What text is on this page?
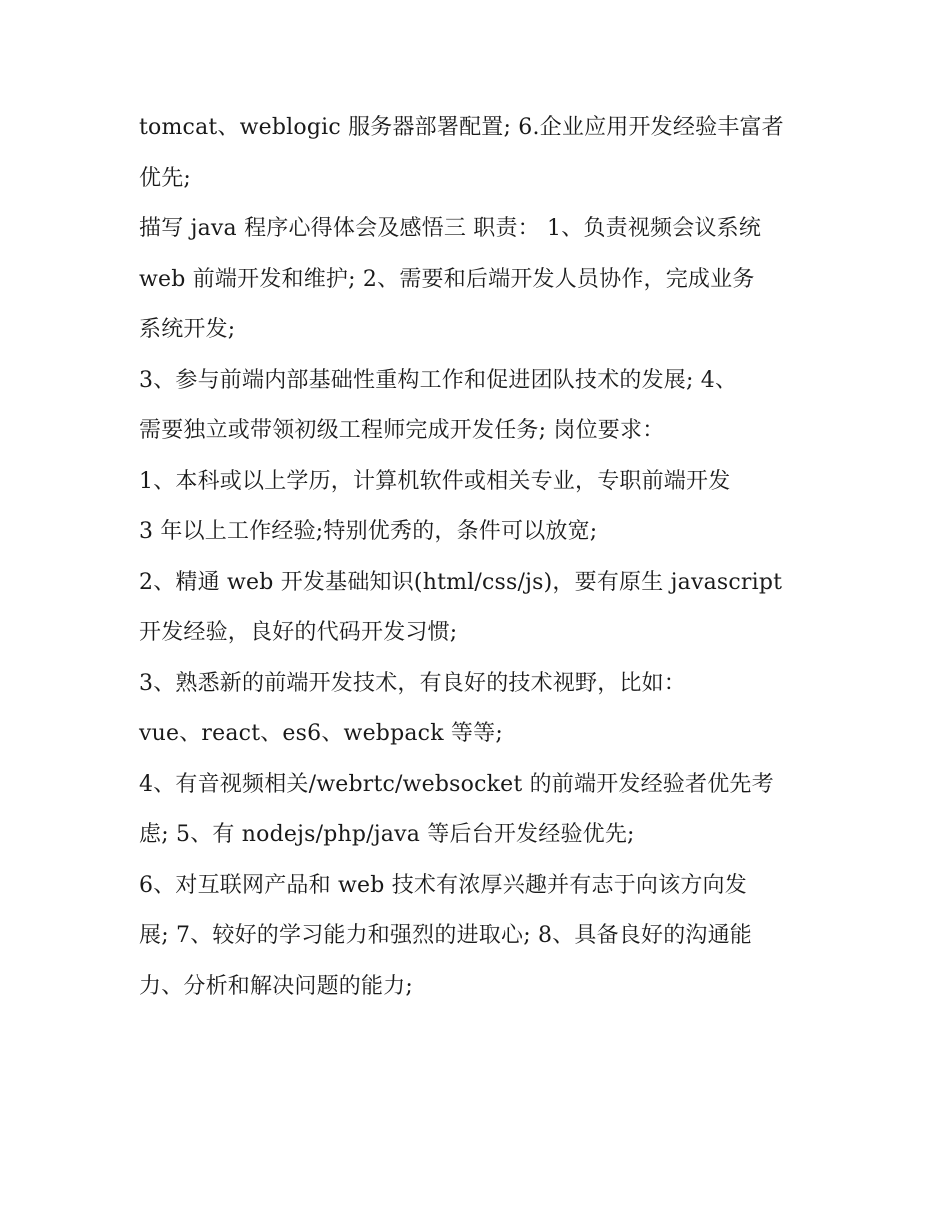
tomcat、weblogic 服务器部署配置; 6.企业应用开发经验丰富者
优先;
描写 java 程序心得体会及感悟三 职责： 1、负责视频会议系统
web 前端开发和维护; 2、需要和后端开发人员协作，完成业务
系统开发;
3、参与前端内部基础性重构工作和促进团队技术的发展; 4、
需要独立或带领初级工程师完成开发任务; 岗位要求：
1、本科或以上学历，计算机软件或相关专业，专职前端开发
3 年以上工作经验;特别优秀的，条件可以放宽;
2、精通 web 开发基础知识(html/css/js)，要有原生 javascript
开发经验，良好的代码开发习惯;
3、熟悉新的前端开发技术，有良好的技术视野，比如：
vue、react、es6、webpack 等等;
4、有音视频相关/webrtc/websocket 的前端开发经验者优先考
虑; 5、有 nodejs/php/java 等后台开发经验优先;
6、对互联网产品和 web 技术有浓厚兴趣并有志于向该方向发
展; 7、较好的学习能力和强烈的进取心; 8、具备良好的沟通能
力、分析和解决问题的能力;
